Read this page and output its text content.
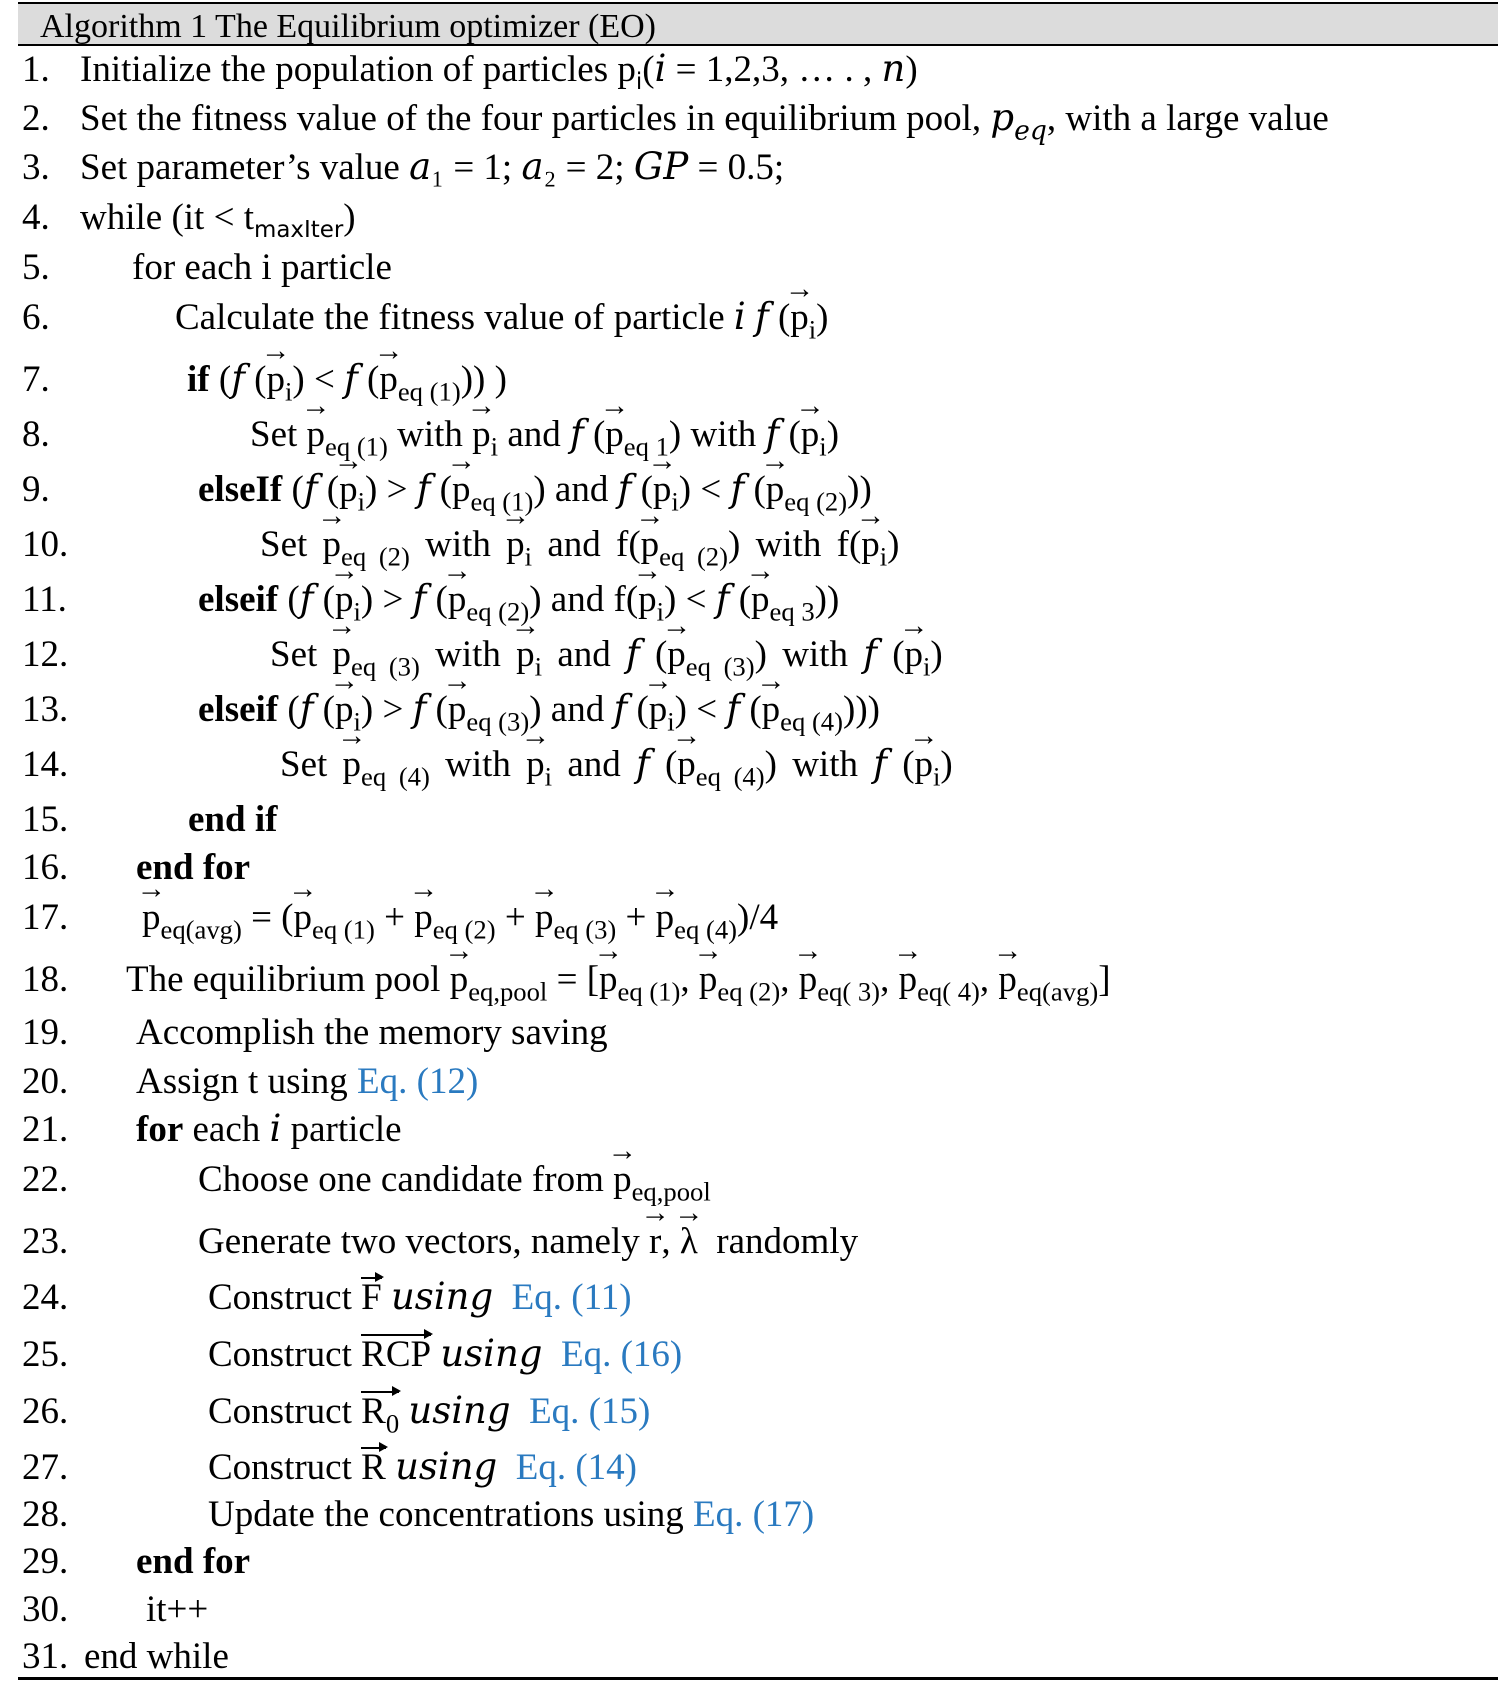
Algorithm 1 The Equilibrium optimizer (EO)
1. Initialize the population of particles $p_i(𝑖 = 1,2,3$, … . , 𝑛)
2. Set the fitness value of the four particles in equilibrium pool, 𝑝$_{𝑒𝑞}$, with a large value
3. Set parameter’s value 𝑎₁ = 1; 𝑎₂ = 2; 𝐺𝑃 = 0.5;
4. while $(it < t_{maxIter})$
5. for each i particle
6.	Calculate the fitness value of particle 𝑖 𝑓 (→ $p_i$)
7.	if (𝑓 (→ $p_i$) < 𝑓 (→ $p_{eq (1)}$)) )
8.	Set → $p_{eq (1)}$ with → $p_i$ and 𝑓 (→ $p_{eq 1}$) with 𝑓 (→ $p_i$)
9.	elseIf (𝑓 (→ $p_i$) > 𝑓 (→ $p_{eq (1)}$) and 𝑓 (→ $p_i$) < 𝑓 (→ $p_{eq (2)}$))
10.	Set → $p_{eq (2)}$ with → $p_i$ and $f(\to p_{eq (2)})$ with $f(\to p_i)$
11.	elseif (𝑓 (→ $p_i$) > 𝑓 (→ $p_{eq (2)}$) and $f(\to p_i)$ < 𝑓 (→ $p_{eq 3}$))
12.	Set → $p_{eq (3)}$ with → $p_i$ and 𝑓 (→ $p_{eq (3)}$) with 𝑓 (→ $p_i$)
13.	elseif (𝑓 (→ $p_i$) > 𝑓 (→ $p_{eq (3)}$) and 𝑓 (→ $p_i$) < 𝑓 (→ $p_{eq (4)}$)))
14.	Set → $p_{eq (4)}$ with → $p_i$ and 𝑓 (→ $p_{eq (4)}$) with 𝑓 (→ $p_i$)
15.	end if
16. end for
17. → $p_{eq(avg)}$ = (→ $p_{eq (1)}$ + → $p_{eq (2)}$ + → $p_{eq (3)}$ + → $p_{eq (4)})/4$
18. The equilibrium pool → $p_{eq,pool}$ = [→ $p_{eq (1)}$, → $p_{eq (2)}$, → $p_{eq( 3)}$, → $p_{eq( 4)}$, → $p_{eq(avg)}$]
19. Accomplish the memory saving
20. Assign t using Eq. (12)
21. for each 𝑖 particle
22.	Choose one candidate from → $p_{eq,pool}$
23.	Generate two vectors, namely → r, → λ randomly
24.	Construct F 𝑢𝑠𝑖𝑛𝑔 Eq. (11)
25.	Construct RCP 𝑢𝑠𝑖𝑛𝑔 Eq. (16)
26.	Construct $R_0$ 𝑢𝑠𝑖𝑛𝑔 Eq. (15)
27.	Construct R 𝑢𝑠𝑖𝑛𝑔 Eq. (14)
28.	Update the concentrations using Eq. (17)
29. end for
30. it++
31. end while
